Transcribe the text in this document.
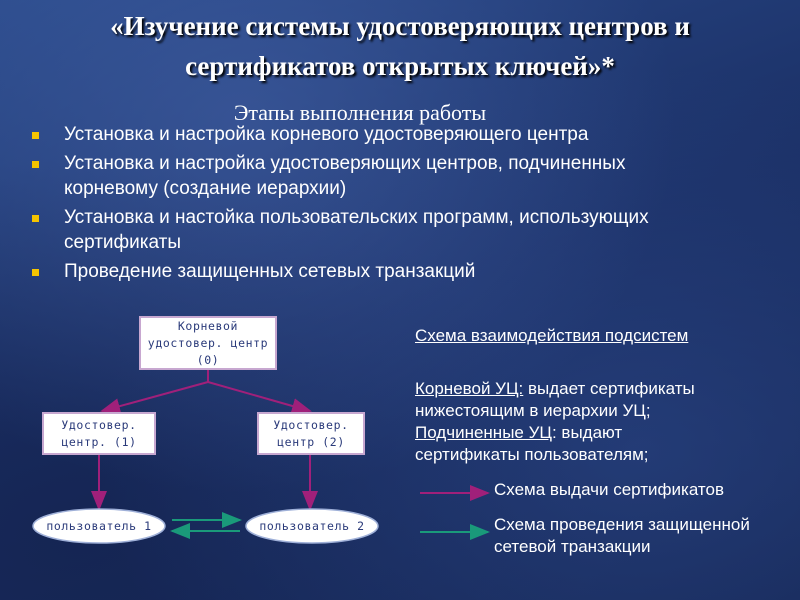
«Изучение системы удостоверяющих центров и
сертификатов открытых ключей»*
Этапы выполнения работы
Установка и настройка корневого удостоверяющего центра
Установка и настройка удостоверяющих центров, подчиненных
корневому (создание иерархии)
Установка и настойка пользовательских программ, использующих
сертификаты
Проведение защищенных сетевых транзакций
Корневой
удостовер. центр
(0)
Удостовер.
центр. (1)
Удостовер.
центр (2)
пользователь 1	пользователь 2
Схема взаимодействия подсистем
Корневой УЦ: выдает сертификаты
нижестоящим в иерархии УЦ;
Подчиненные УЦ: выдают
сертификаты пользователям;
Схема выдачи сертификатов
Схема проведения защищенной
сетевой транзакции
